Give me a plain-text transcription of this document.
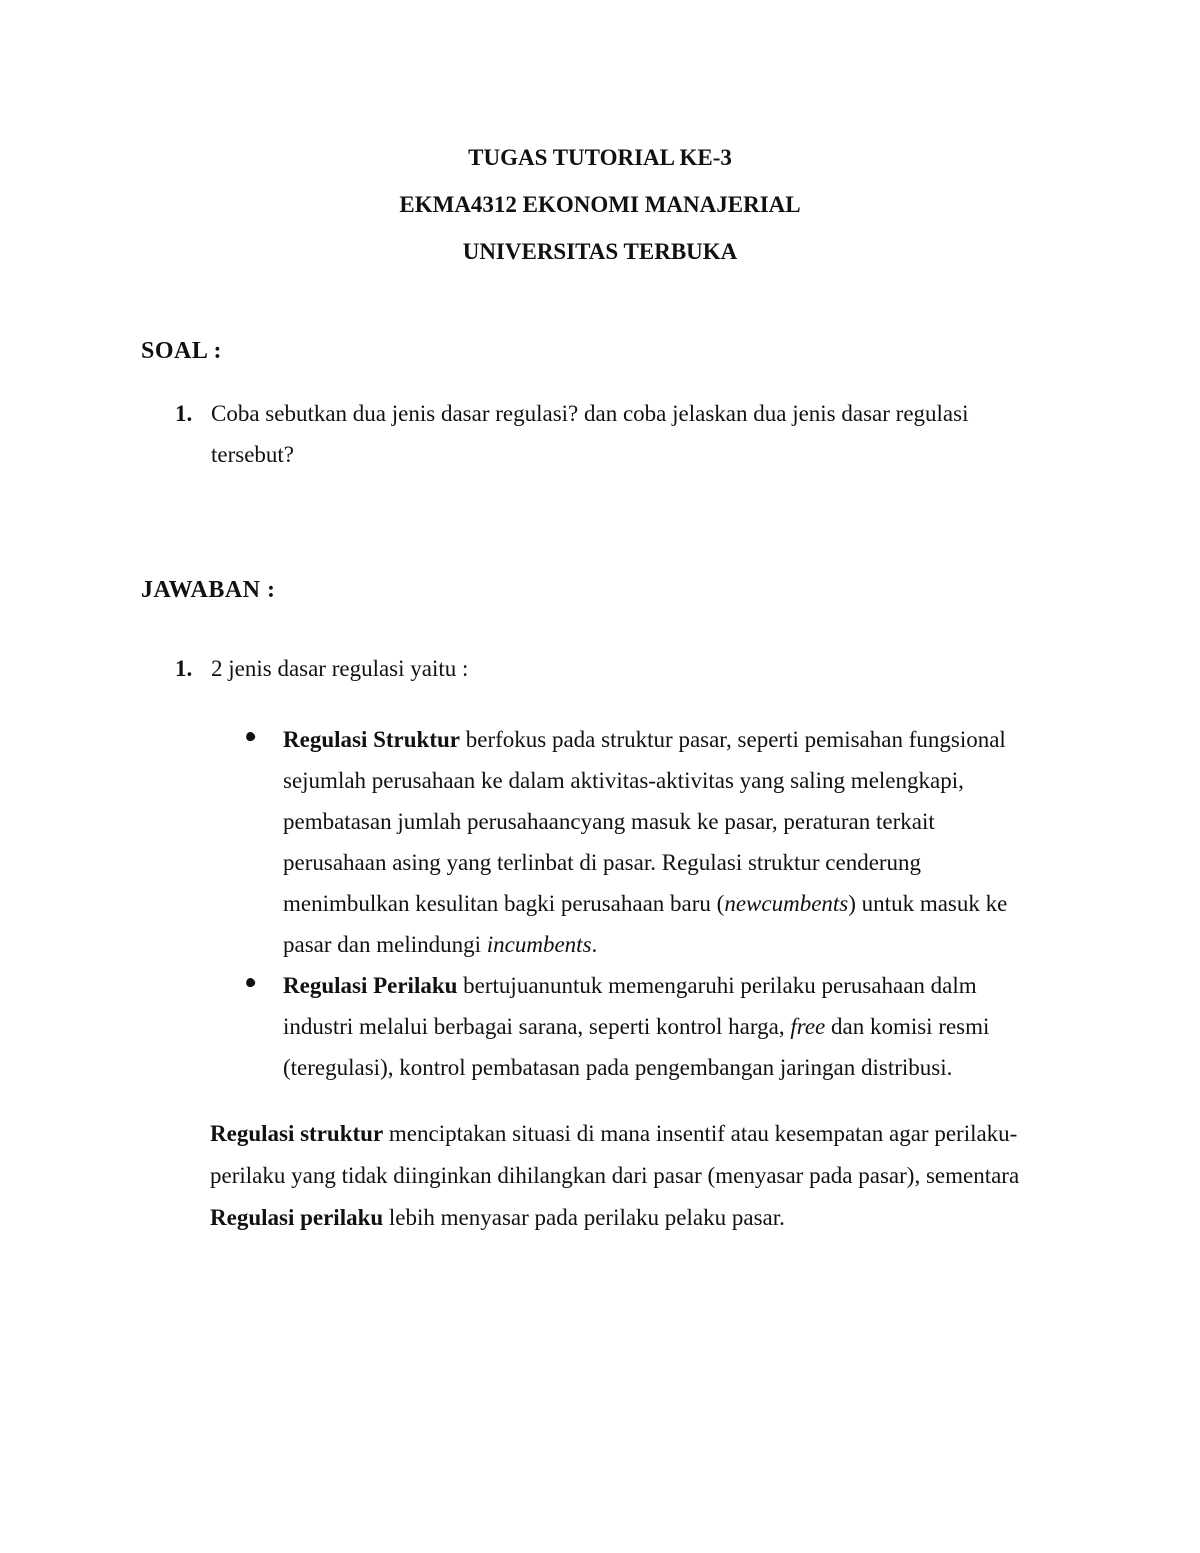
TUGAS TUTORIAL KE-3
EKMA4312 EKONOMI MANAJERIAL
UNIVERSITAS TERBUKA
SOAL :
1. Coba sebutkan dua jenis dasar regulasi? dan coba jelaskan dua jenis dasar regulasi
tersebut?
JAWABAN :
1. 2 jenis dasar regulasi yaitu :
Regulasi Struktur berfokus pada struktur pasar, seperti pemisahan fungsional
sejumlah perusahaan ke dalam aktivitas-aktivitas yang saling melengkapi,
pembatasan jumlah perusahaancyang masuk ke pasar, peraturan terkait
perusahaan asing yang terlinbat di pasar. Regulasi struktur cenderung
menimbulkan kesulitan bagki perusahaan baru (newcumbents) untuk masuk ke
pasar dan melindungi incumbents.
Regulasi Perilaku bertujuanuntuk memengaruhi perilaku perusahaan dalm
industri melalui berbagai sarana, seperti kontrol harga, free dan komisi resmi
(teregulasi), kontrol pembatasan pada pengembangan jaringan distribusi.
Regulasi struktur menciptakan situasi di mana insentif atau kesempatan agar perilaku-
perilaku yang tidak diinginkan dihilangkan dari pasar (menyasar pada pasar), sementara
Regulasi perilaku lebih menyasar pada perilaku pelaku pasar.
